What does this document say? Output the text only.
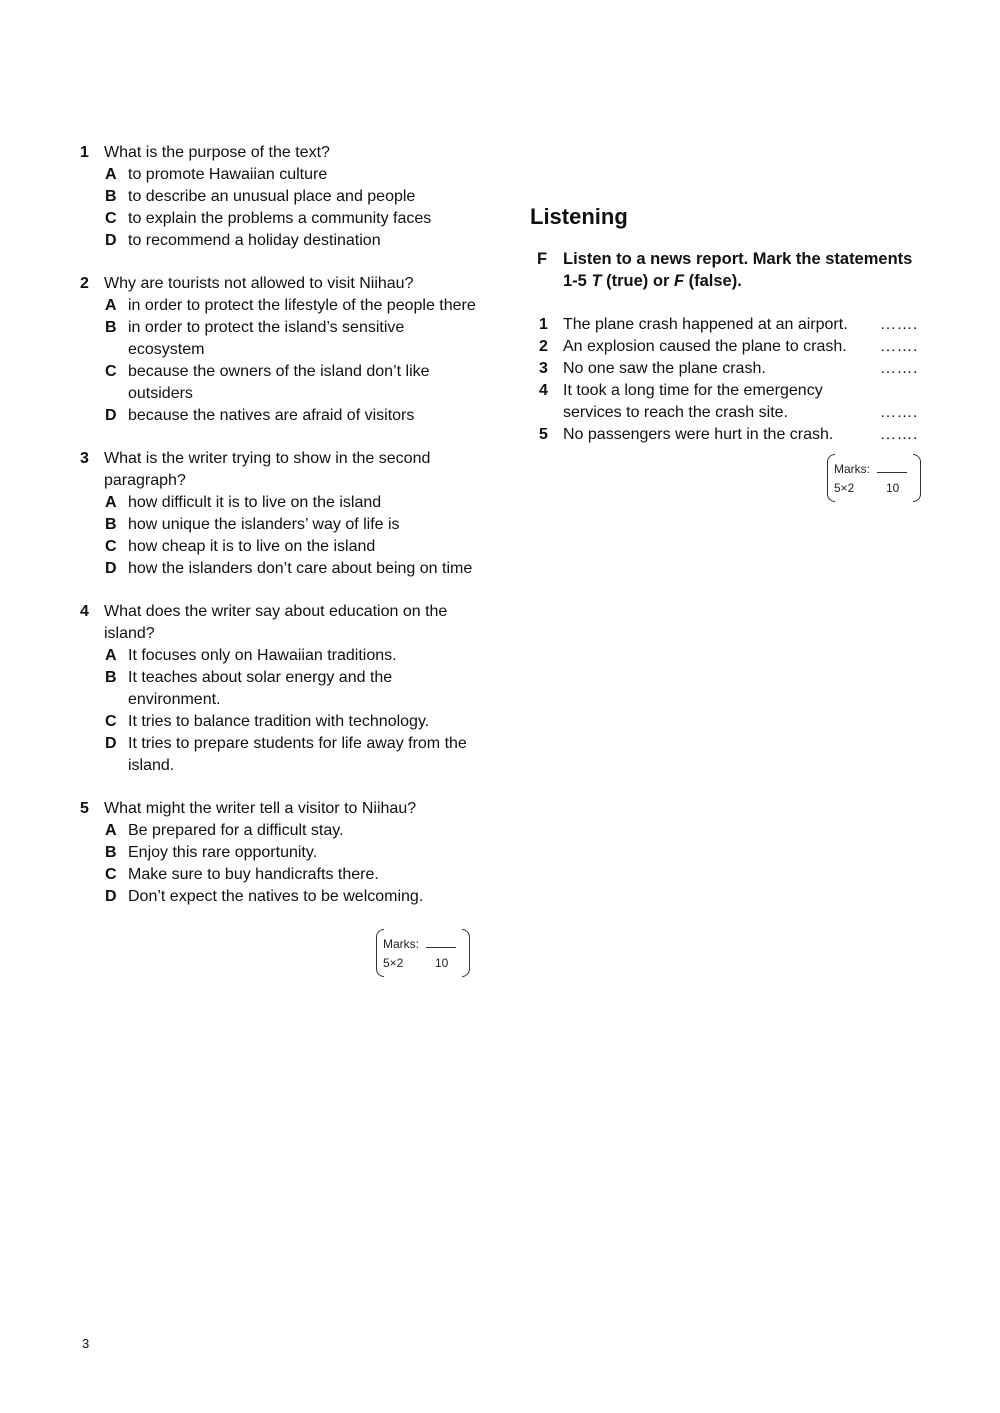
1 What is the purpose of the text?
A to promote Hawaiian culture
B to describe an unusual place and people
C to explain the problems a community faces
D to recommend a holiday destination
2 Why are tourists not allowed to visit Niihau?
A in order to protect the lifestyle of the people there
B in order to protect the island’s sensitive ecosystem
C because the owners of the island don’t like outsiders
D because the natives are afraid of visitors
3 What is the writer trying to show in the second paragraph?
A how difficult it is to live on the island
B how unique the islanders’ way of life is
C how cheap it is to live on the island
D how the islanders don’t care about being on time
4 What does the writer say about education on the island?
A It focuses only on Hawaiian traditions.
B It teaches about solar energy and the environment.
C It tries to balance tradition with technology.
D It tries to prepare students for life away from the island.
5 What might the writer tell a visitor to Niihau?
A Be prepared for a difficult stay.
B Enjoy this rare opportunity.
C Make sure to buy handicrafts there.
D Don’t expect the natives to be welcoming.
Marks:
5×2	10
Listening
F Listen to a news report. Mark the statements 1-5 T (true) or F (false).
1 The plane crash happened at an airport. …….
2 An explosion caused the plane to crash. …….
3 No one saw the plane crash.	…….
4 It took a long time for the emergency services to reach the crash site.	…….
5 No passengers were hurt in the crash.	…….
Marks:
5×2	10
3
